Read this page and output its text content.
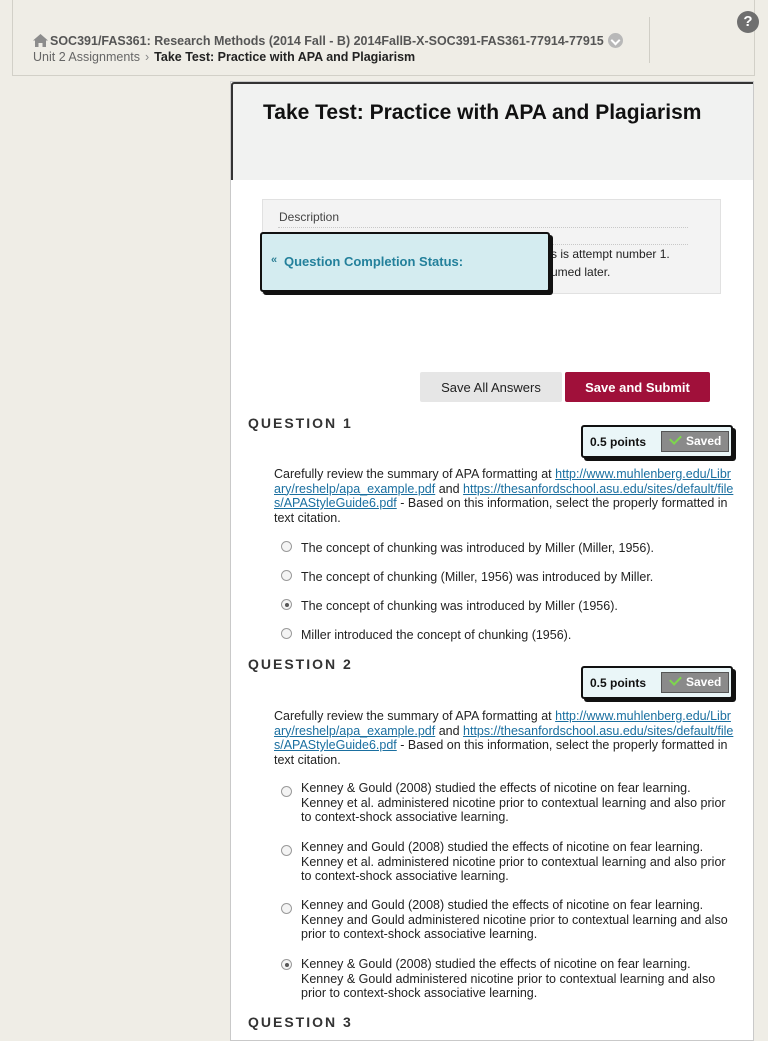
SOC391/FAS361: Research Methods (2014 Fall - B) 2014FallB-X-SOC391-FAS361-77914-77915
Unit 2 Assignments › Take Test: Practice with APA and Plagiarism
?
Take Test: Practice with APA and Plagiarism
Description
s is attempt number 1.
umed later.
« Question Completion Status:
Save All Answers	Save and Submit
QUESTION 1
0.5 points	Saved
Carefully review the summary of APA formatting at http://www.muhlenberg.edu/Library/reshelp/apa_example.pdf and https://thesanfordschool.asu.edu/sites/default/files/APAStyleGuide6.pdf - Based on this information, select the properly formatted in text citation.
The concept of chunking was introduced by Miller (Miller, 1956).
The concept of chunking (Miller, 1956) was introduced by Miller.
The concept of chunking was introduced by Miller (1956).
Miller introduced the concept of chunking (1956).
QUESTION 2
0.5 points	Saved
Carefully review the summary of APA formatting at http://www.muhlenberg.edu/Library/reshelp/apa_example.pdf and https://thesanfordschool.asu.edu/sites/default/files/APAStyleGuide6.pdf - Based on this information, select the properly formatted in text citation.
Kenney & Gould (2008) studied the effects of nicotine on fear learning. Kenney et al. administered nicotine prior to contextual learning and also prior to context-shock associative learning.
Kenney and Gould (2008) studied the effects of nicotine on fear learning. Kenney et al. administered nicotine prior to contextual learning and also prior to context-shock associative learning.
Kenney and Gould (2008) studied the effects of nicotine on fear learning. Kenney and Gould administered nicotine prior to contextual learning and also prior to context-shock associative learning.
Kenney & Gould (2008) studied the effects of nicotine on fear learning. Kenney & Gould administered nicotine prior to contextual learning and also prior to context-shock associative learning.
QUESTION 3
